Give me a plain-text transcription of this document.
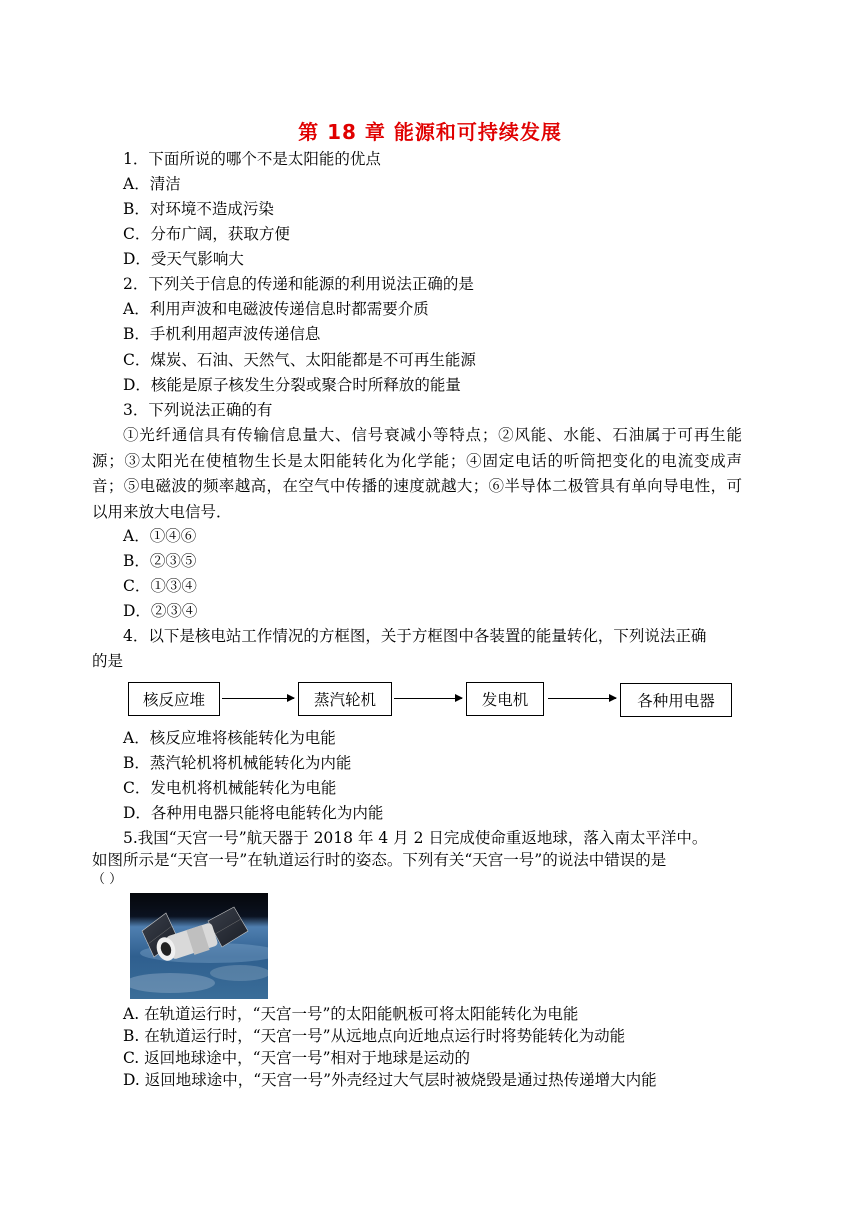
第 18 章 能源和可持续发展
1．下面所说的哪个不是太阳能的优点
A．清洁
B．对环境不造成污染
C．分布广阔，获取方便
D．受天气影响大
2．下列关于信息的传递和能源的利用说法正确的是
A．利用声波和电磁波传递信息时都需要介质
B．手机利用超声波传递信息
C．煤炭、石油、天然气、太阳能都是不可再生能源
D．核能是原子核发生分裂或聚合时所释放的能量
3．下列说法正确的有
①光纤通信具有传输信息量大、信号衰减小等特点；②风能、水能、石油属于可再生能源；③太阳光在使植物生长是太阳能转化为化学能；④固定电话的听筒把变化的电流变成声音；⑤电磁波的频率越高，在空气中传播的速度就越大；⑥半导体二极管具有单向导电性，可以用来放大电信号．
A．①④⑥
B．②③⑤
C．①③④
D．②③④
4．以下是核电站工作情况的方框图，关于方框图中各装置的能量转化，下列说法正确
的是
核反应堆	蒸汽轮机	发电机	各种用电器
A．核反应堆将核能转化为电能
B．蒸汽轮机将机械能转化为内能
C．发电机将机械能转化为电能
D．各种用电器只能将电能转化为内能
5.我国“天宫一号”航天器于 2018 年 4 月 2 日完成使命重返地球，落入南太平洋中。
如图所示是“天宫一号”在轨道运行时的姿态。下列有关“天宫一号”的说法中错误的是
（ ）
A. 在轨道运行时，“天宫一号”的太阳能帆板可将太阳能转化为电能
B. 在轨道运行时，“天宫一号”从远地点向近地点运行时将势能转化为动能
C. 返回地球途中，“天宫一号”相对于地球是运动的
D. 返回地球途中，“天宫一号”外壳经过大气层时被烧毁是通过热传递增大内能
